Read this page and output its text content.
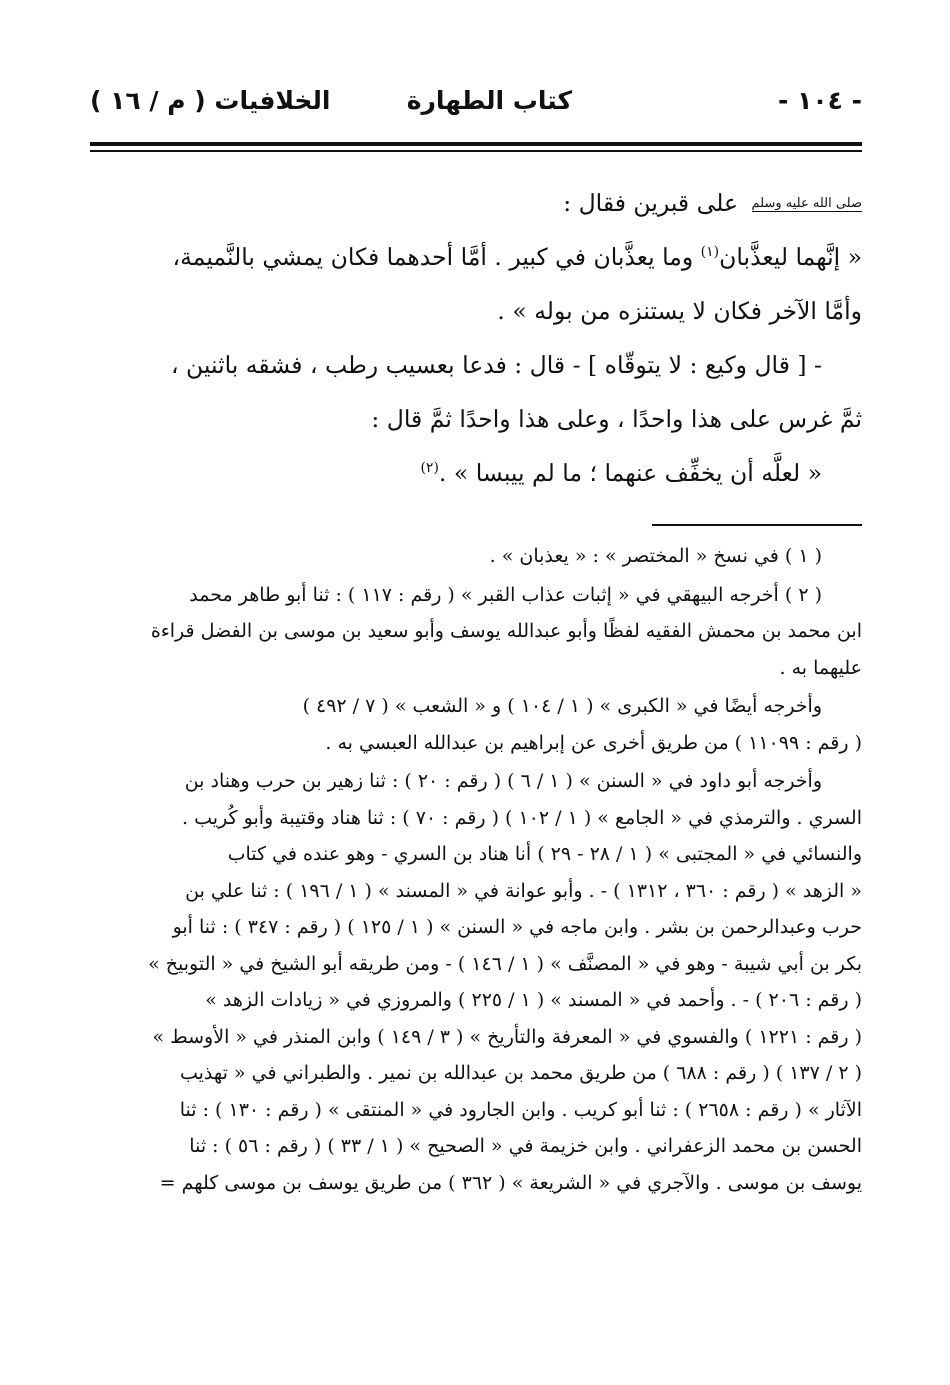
- ١٠٤ -
كتاب الطهارة
الخلافيات ( م / ١٦ )
صلى الله عليه وسلم على قبرين فقال :
« إنَّهما ليعذَّبان$^{(١)}$ وما يعذَّبان في كبير . أمَّا أحدهما فكان يمشي بالنَّميمة،
وأمَّا الآخر فكان لا يستنزه من بوله » .
- [ قال وكيع : لا يتوقّاه ] - قال : فدعا بعسيب رطب ، فشقه باثنين ،
ثمَّ غرس على هذا واحدًا ، وعلى هذا واحدًا ثمَّ قال :
« لعلَّه أن يخفِّف عنهما ؛ ما لم ييبسا » .$^{(٢)}$
( ١ ) في نسخ « المختصر » : « يعذبان » .
( ٢ ) أخرجه البيهقي في « إثبات عذاب القبر » ( رقم : ١١٧ ) : ثنا أبو طاهر محمد
ابن محمد بن محمش الفقيه لفظًا وأبو عبدالله يوسف وأبو سعيد بن موسى بن الفضل قراءة
عليهما به .
وأخرجه أيضًا في « الكبرى » ( ١ / ١٠٤ ) و « الشعب » ( ٧ / ٤٩٢ )
( رقم : ١١٠٩٩ ) من طريق أخرى عن إبراهيم بن عبدالله العبسي به .
وأخرجه أبو داود في « السنن » ( ١ / ٦ ) ( رقم : ٢٠ ) : ثنا زهير بن حرب وهناد بن
السري . والترمذي في « الجامع » ( ١ / ١٠٢ ) ( رقم : ٧٠ ) : ثنا هناد وقتيبة وأبو كُريب .
والنسائي في « المجتبى » ( ١ / ٢٨ - ٢٩ ) أنا هناد بن السري - وهو عنده في كتاب
« الزهد » ( رقم : ٣٦٠ ، ١٣١٢ ) - . وأبو عوانة في « المسند » ( ١ / ١٩٦ ) : ثنا علي بن
حرب وعبدالرحمن بن بشر . وابن ماجه في « السنن » ( ١ / ١٢٥ ) ( رقم : ٣٤٧ ) : ثنا أبو
بكر بن أبي شيبة - وهو في « المصنَّف » ( ١ / ١٤٦ ) - ومن طريقه أبو الشيخ في « التوبيخ »
( رقم : ٢٠٦ ) - . وأحمد في « المسند » ( ١ / ٢٢٥ ) والمروزي في « زيادات الزهد »
( رقم : ١٢٢١ ) والفسوي في « المعرفة والتأريخ » ( ٣ / ١٤٩ ) وابن المنذر في « الأوسط »
( ٢ / ١٣٧ ) ( رقم : ٦٨٨ ) من طريق محمد بن عبدالله بن نمير . والطبراني في « تهذيب
الآثار » ( رقم : ٢٦٥٨ ) : ثنا أبو كريب . وابن الجارود في « المنتقى » ( رقم : ١٣٠ ) : ثنا
الحسن بن محمد الزعفراني . وابن خزيمة في « الصحيح » ( ١ / ٣٣ ) ( رقم : ٥٦ ) : ثنا
يوسف بن موسى . والآجري في « الشريعة » ( ٣٦٢ ) من طريق يوسف بن موسى كلهم =
